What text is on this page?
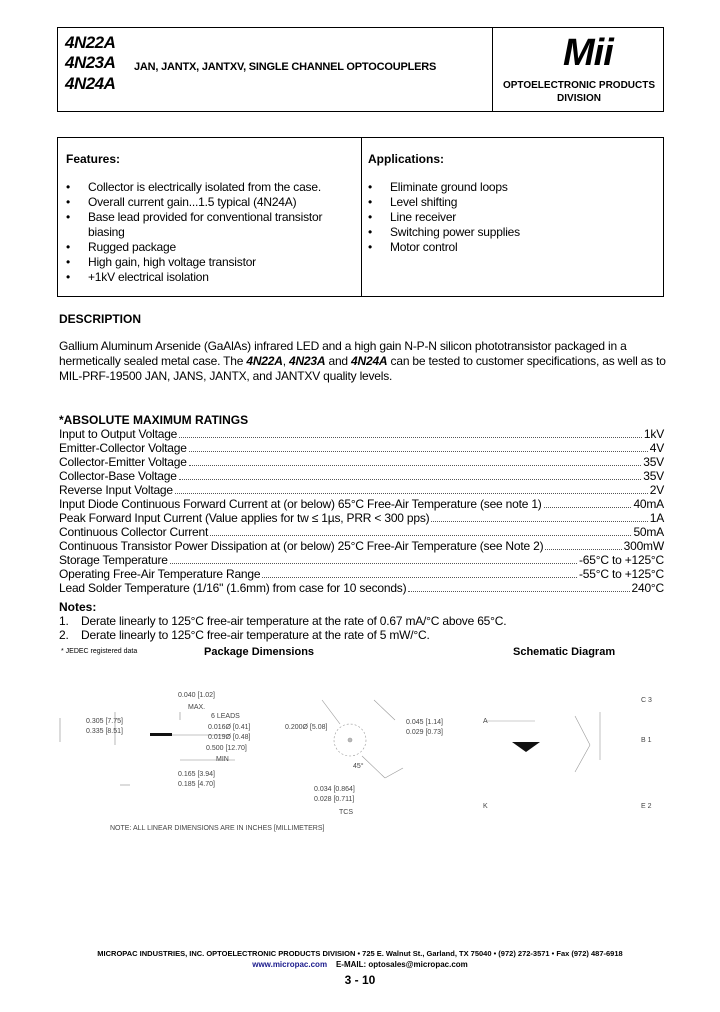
4N22A
4N23A
4N24A
JAN, JANTX, JANTXV, SINGLE CHANNEL OPTOCOUPLERS	Mii
OPTOELECTRONIC PRODUCTS
DIVISION
Features:
• Collector is electrically isolated from the case.
• Overall current gain...1.5 typical (4N24A)
• Base lead provided for conventional transistor biasing
• Rugged package
• High gain, high voltage transistor
• +1kV electrical isolation
Applications:
• Eliminate ground loops
• Level shifting
• Line receiver
• Switching power supplies
• Motor control
DESCRIPTION
Gallium Aluminum Arsenide (GaAlAs) infrared LED and a high gain N-P-N silicon phototransistor packaged in a hermetically sealed metal case. The 4N22A, 4N23A and 4N24A can be tested to customer specifications, as well as to MIL-PRF-19500 JAN, JANS, JANTX, and JANTXV quality levels.
*ABSOLUTE MAXIMUM RATINGS
Input to Output Voltage	1kV
Emitter-Collector Voltage	4V
Collector-Emitter Voltage	35V
Collector-Base Voltage	35V
Reverse Input Voltage	2V
Input Diode Continuous Forward Current at (or below) 65°C Free-Air Temperature (see note 1)	40mA
Peak Forward Input Current (Value applies for tw ≤ 1µs, PRR < 300 pps)	1A
Continuous Collector Current	50mA
Continuous Transistor Power Dissipation at (or below) 25°C Free-Air Temperature (see Note 2)	300mW
Storage Temperature	-65°C to +125°C
Operating Free-Air Temperature Range	-55°C to +125°C
Lead Solder Temperature (1/16" (1.6mm) from case for 10 seconds)	240°C
Notes:
1.	Derate linearly to 125°C free-air temperature at the rate of 0.67 mA/°C above 65°C.
2.	Derate linearly to 125°C free-air temperature at the rate of 5 mW/°C.
* JEDEC registered data	Package Dimensions	Schematic Diagram
0.040 [1.02]
MAX.
0.305 [7.75]
0.335 [8.51]
6 LEADS
0.016Ø [0.41]
0.019Ø [0.48]
0.500 [12.70]
MIN
0.200Ø [5.08]
0.045 [1.14]
0.029 [0.73]
45°
0.165 [3.94]
0.185 [4.70]
0.034 [0.864]
0.028 [0.711]
TCS
NOTE: ALL LINEAR DIMENSIONS ARE IN INCHES [MILLIMETERS]
C 3
B 1
E 2
A
K
MICROPAC INDUSTRIES, INC. OPTOELECTRONIC PRODUCTS DIVISION • 725 E. Walnut St., Garland, TX 75040 • (972) 272-3571 • Fax (972) 487-6918
www.micropac.com E-MAIL: optosales@micropac.com
3 - 10
